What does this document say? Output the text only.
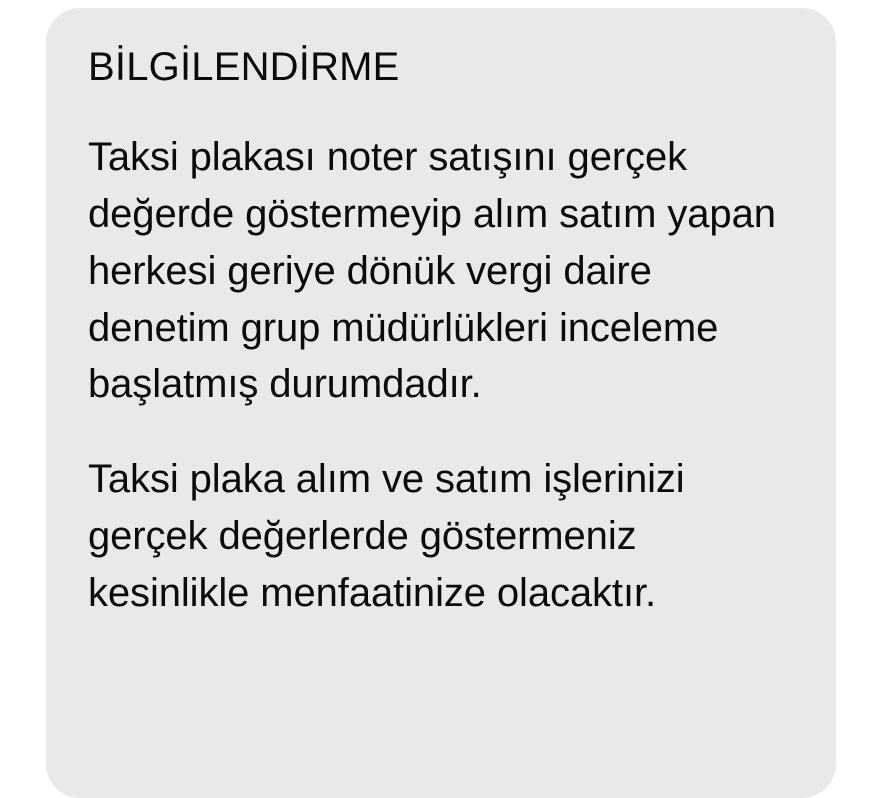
BİLGİLENDİRME

Taksi plakası noter satışını gerçek değerde göstermeyip alım satım yapan herkesi geriye dönük vergi daire denetim grup müdürlükleri inceleme başlatmış durumdadır.

Taksi plaka alım ve satım işlerinizi gerçek değerlerde göstermeniz kesinlikle menfaatinize olacaktır.
